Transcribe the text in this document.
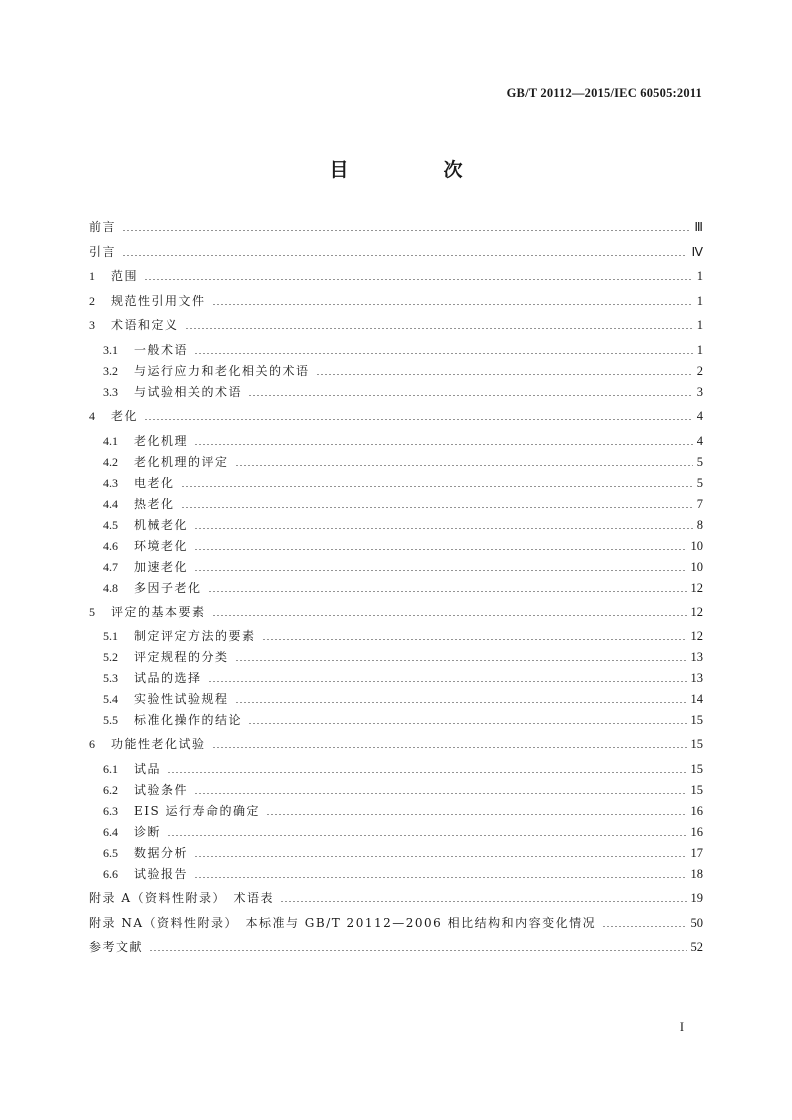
GB/T 20112—2015/IEC 60505:2011
目　次
前言	Ⅲ
引言	Ⅳ
1	范围	1
2	规范性引用文件	1
3	术语和定义	1
3.1	一般术语	1
3.2	与运行应力和老化相关的术语	2
3.3	与试验相关的术语	3
4	老化	4
4.1	老化机理	4
4.2	老化机理的评定	5
4.3	电老化	5
4.4	热老化	7
4.5	机械老化	8
4.6	环境老化	10
4.7	加速老化	10
4.8	多因子老化	12
5	评定的基本要素	12
5.1	制定评定方法的要素	12
5.2	评定规程的分类	13
5.3	试品的选择	13
5.4	实验性试验规程	14
5.5	标准化操作的结论	15
6	功能性老化试验	15
6.1	试品	15
6.2	试验条件	15
6.3	EIS 运行寿命的确定	16
6.4	诊断	16
6.5	数据分析	17
6.6	试验报告	18
附录 A（资料性附录）　术语表	19
附录 NA（资料性附录）　本标准与 GB/T 20112—2006 相比结构和内容变化情况	50
参考文献	52
I
